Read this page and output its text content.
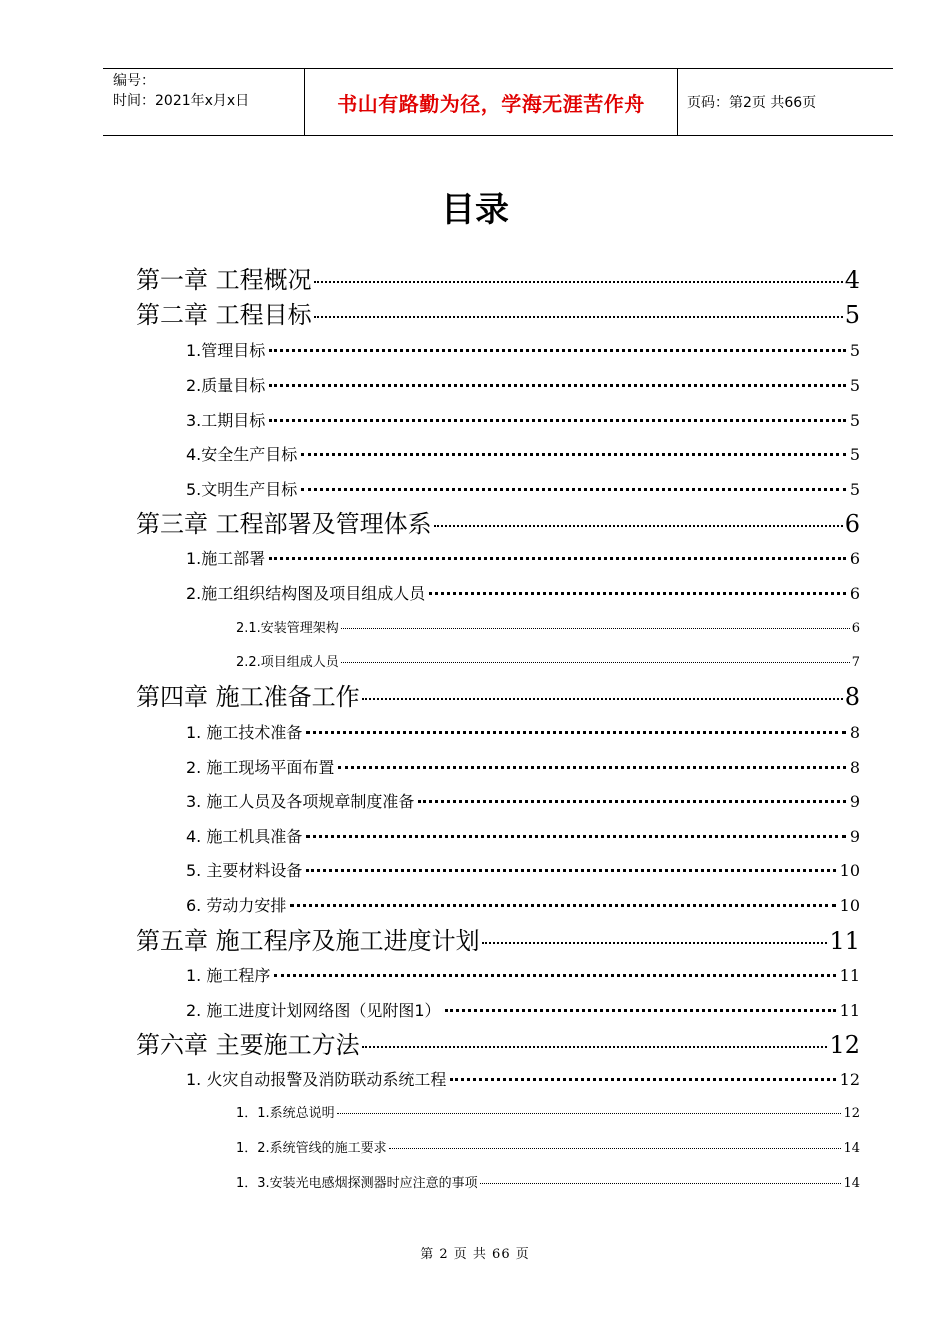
编号：
时间：2021年x月x日	书山有路勤为径，学海无涯苦作舟	页码：第2页 共66页
目录
第一章 工程概况	4
第二章 工程目标	5
1.管理目标	5
2.质量目标	5
3.工期目标	5
4.安全生产目标	5
5.文明生产目标	5
第三章 工程部署及管理体系	6
1.施工部署	6
2.施工组织结构图及项目组成人员	6
2.1.安装管理架构	6
2.2.项目组成人员	7
第四章 施工准备工作	8
1. 施工技术准备	8
2. 施工现场平面布置	8
3. 施工人员及各项规章制度准备	9
4. 施工机具准备	9
5. 主要材料设备	10
6. 劳动力安排	10
第五章 施工程序及施工进度计划	11
1. 施工程序	11
2. 施工进度计划网络图（见附图1）	11
第六章 主要施工方法	12
1. 火灾自动报警及消防联动系统工程	12
1．1.系统总说明	12
1．2.系统管线的施工要求	14
1．3.安装光电感烟探测器时应注意的事项	14
第 2 页 共 66 页
